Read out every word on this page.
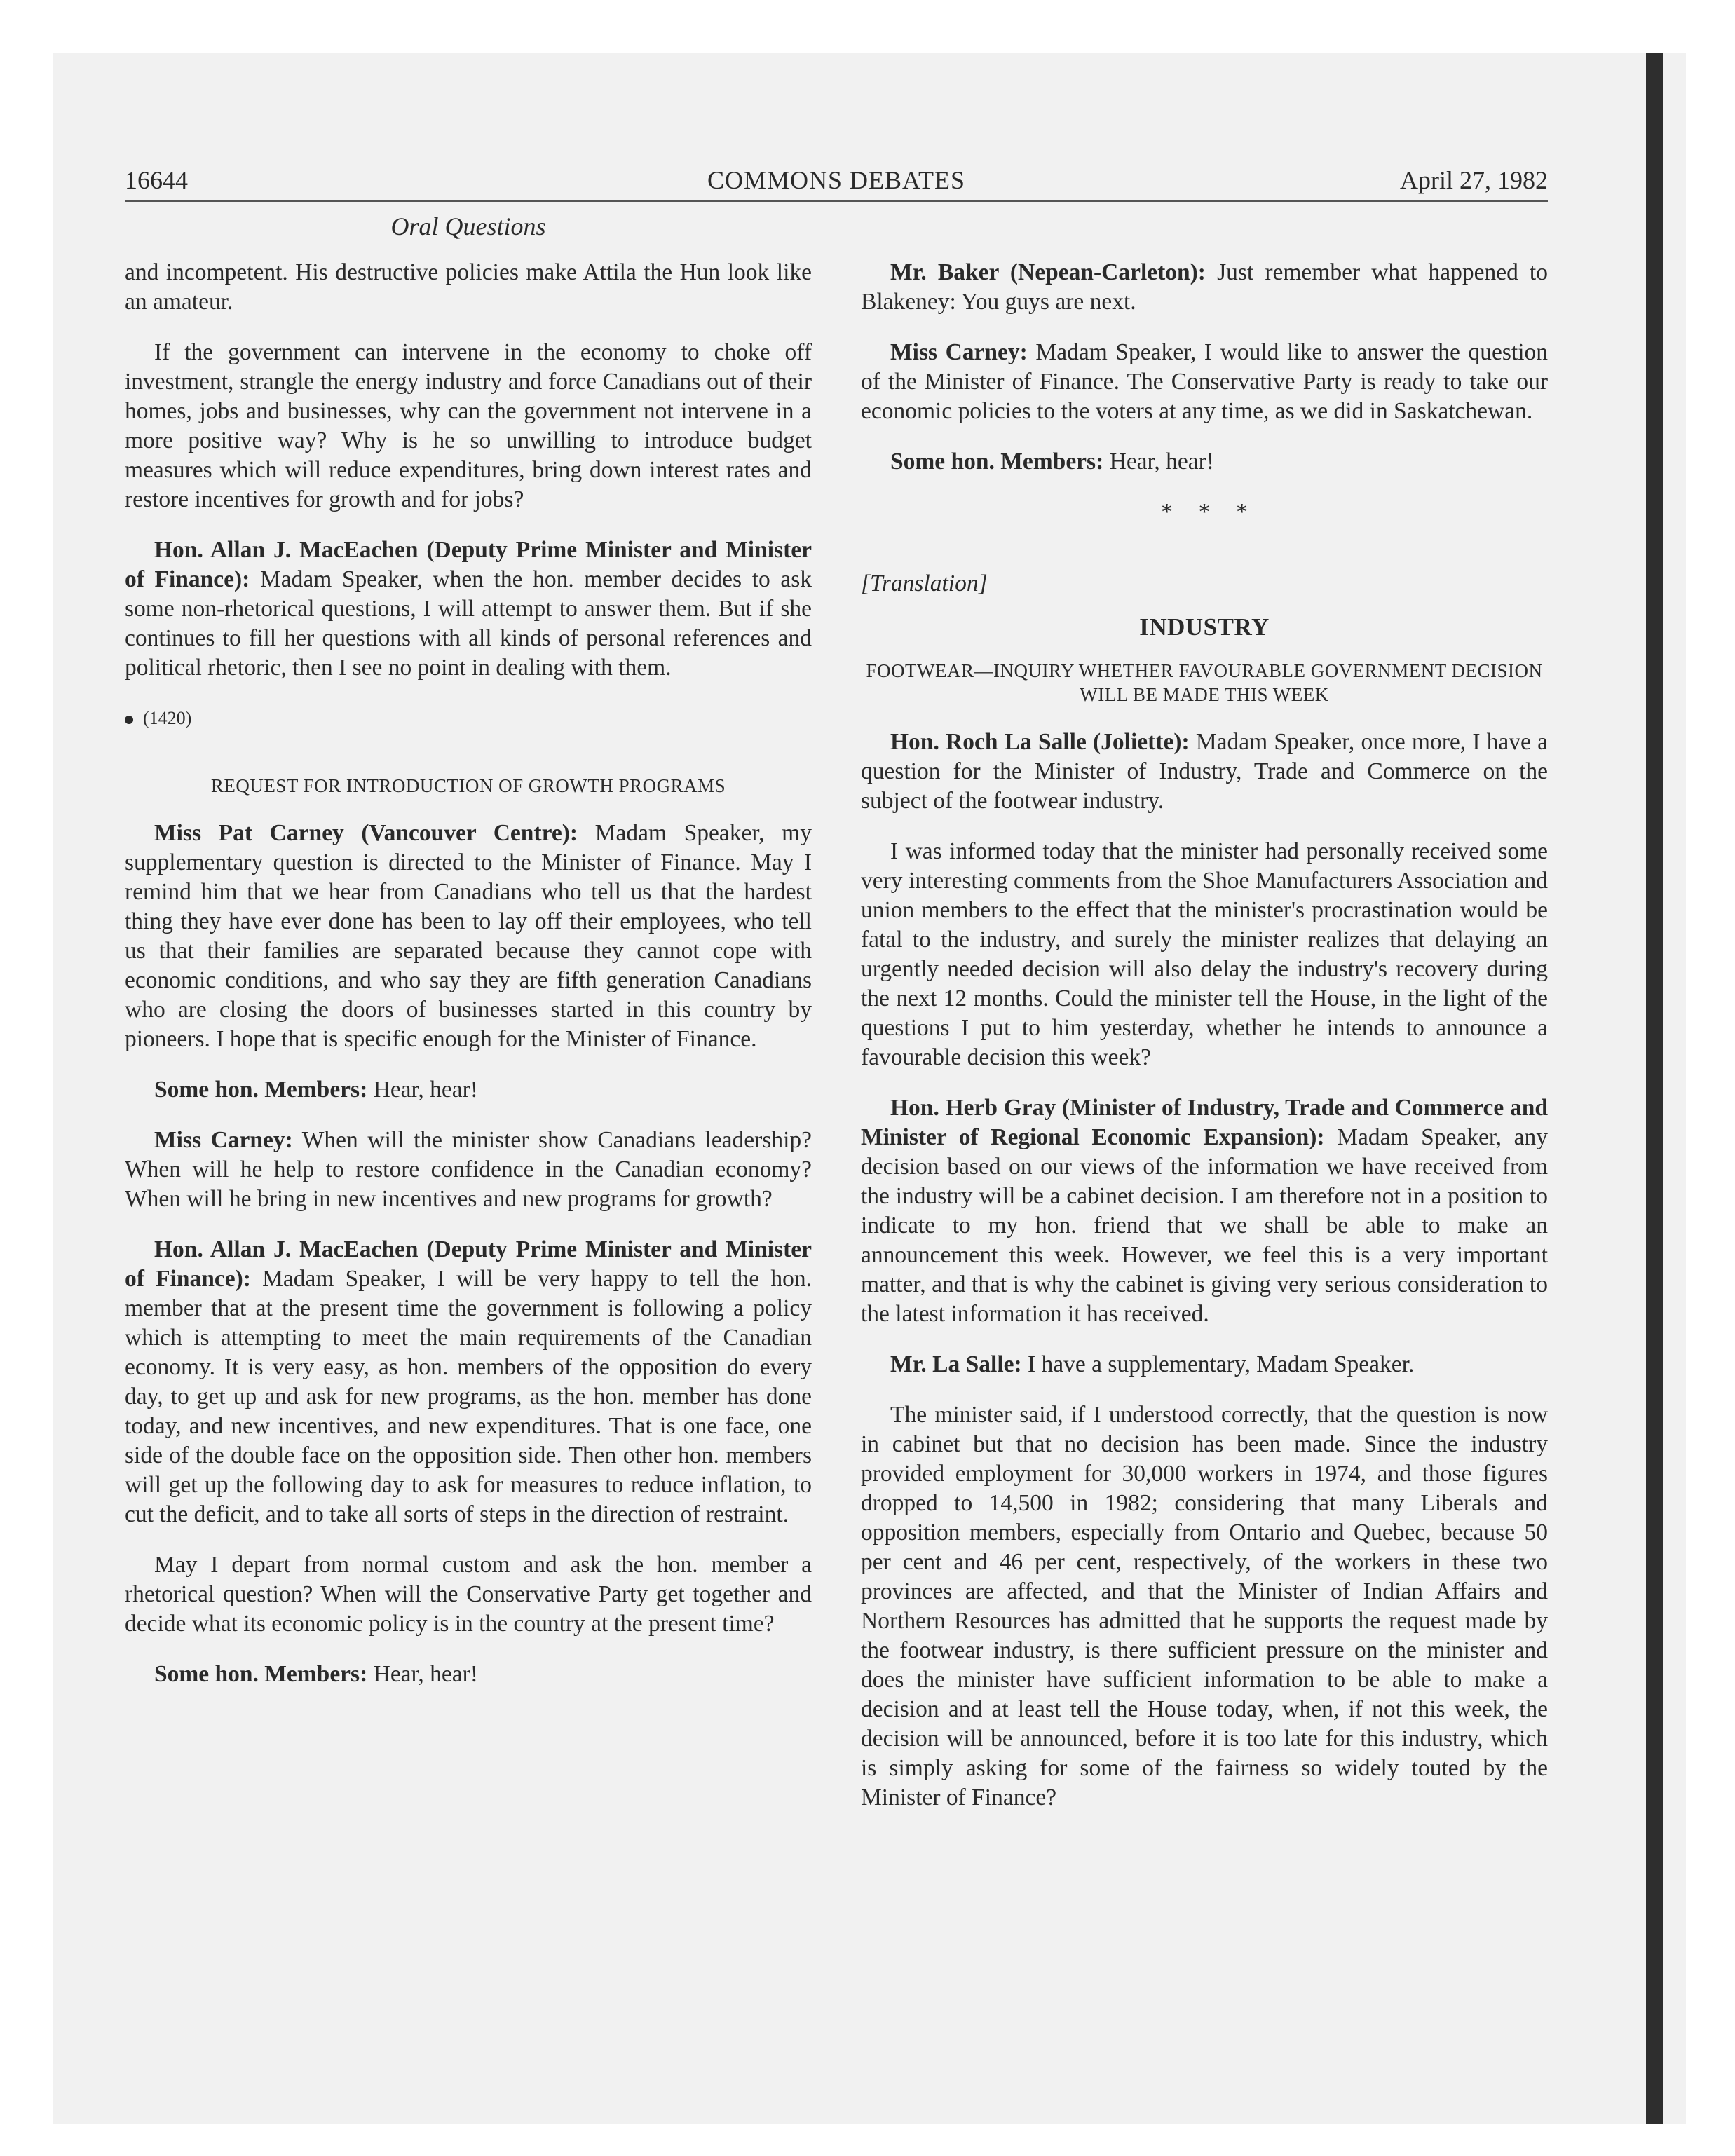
16644	COMMONS DEBATES	April 27, 1982
Oral Questions

and incompetent. His destructive policies make Attila the Hun look like an amateur.

If the government can intervene in the economy to choke off investment, strangle the energy industry and force Canadians out of their homes, jobs and businesses, why can the government not intervene in a more positive way? Why is he so unwilling to introduce budget measures which will reduce expenditures, bring down interest rates and restore incentives for growth and for jobs?

Hon. Allan J. MacEachen (Deputy Prime Minister and Minister of Finance): Madam Speaker, when the hon. member decides to ask some non-rhetorical questions, I will attempt to answer them. But if she continues to fill her questions with all kinds of personal references and political rhetoric, then I see no point in dealing with them.

(1420)
REQUEST FOR INTRODUCTION OF GROWTH PROGRAMS

Miss Pat Carney (Vancouver Centre): Madam Speaker, my supplementary question is directed to the Minister of Finance. May I remind him that we hear from Canadians who tell us that the hardest thing they have ever done has been to lay off their employees, who tell us that their families are separated because they cannot cope with economic conditions, and who say they are fifth generation Canadians who are closing the doors of businesses started in this country by pioneers. I hope that is specific enough for the Minister of Finance.

Some hon. Members: Hear, hear!

Miss Carney: When will the minister show Canadians leadership? When will he help to restore confidence in the Canadian economy? When will he bring in new incentives and new programs for growth?

Hon. Allan J. MacEachen (Deputy Prime Minister and Minister of Finance): Madam Speaker, I will be very happy to tell the hon. member that at the present time the government is following a policy which is attempting to meet the main requirements of the Canadian economy. It is very easy, as hon. members of the opposition do every day, to get up and ask for new programs, as the hon. member has done today, and new incentives, and new expenditures. That is one face, one side of the double face on the opposition side. Then other hon. members will get up the following day to ask for measures to reduce inflation, to cut the deficit, and to take all sorts of steps in the direction of restraint.

May I depart from normal custom and ask the hon. member a rhetorical question? When will the Conservative Party get together and decide what its economic policy is in the country at the present time?

Some hon. Members: Hear, hear!

Mr. Baker (Nepean-Carleton): Just remember what happened to Blakeney: You guys are next.

Miss Carney: Madam Speaker, I would like to answer the question of the Minister of Finance. The Conservative Party is ready to take our economic policies to the voters at any time, as we did in Saskatchewan.

Some hon. Members: Hear, hear!

* * *
[Translation]
INDUSTRY
FOOTWEAR—INQUIRY WHETHER FAVOURABLE GOVERNMENT DECISION WILL BE MADE THIS WEEK

Hon. Roch La Salle (Joliette): Madam Speaker, once more, I have a question for the Minister of Industry, Trade and Commerce on the subject of the footwear industry.

I was informed today that the minister had personally received some very interesting comments from the Shoe Manufacturers Association and union members to the effect that the minister's procrastination would be fatal to the industry, and surely the minister realizes that delaying an urgently needed decision will also delay the industry's recovery during the next 12 months. Could the minister tell the House, in the light of the questions I put to him yesterday, whether he intends to announce a favourable decision this week?

Hon. Herb Gray (Minister of Industry, Trade and Commerce and Minister of Regional Economic Expansion): Madam Speaker, any decision based on our views of the information we have received from the industry will be a cabinet decision. I am therefore not in a position to indicate to my hon. friend that we shall be able to make an announcement this week. However, we feel this is a very important matter, and that is why the cabinet is giving very serious consideration to the latest information it has received.

Mr. La Salle: I have a supplementary, Madam Speaker.

The minister said, if I understood correctly, that the question is now in cabinet but that no decision has been made. Since the industry provided employment for 30,000 workers in 1974, and those figures dropped to 14,500 in 1982; considering that many Liberals and opposition members, especially from Ontario and Quebec, because 50 per cent and 46 per cent, respectively, of the workers in these two provinces are affected, and that the Minister of Indian Affairs and Northern Resources has admitted that he supports the request made by the footwear industry, is there sufficient pressure on the minister and does the minister have sufficient information to be able to make a decision and at least tell the House today, when, if not this week, the decision will be announced, before it is too late for this industry, which is simply asking for some of the fairness so widely touted by the Minister of Finance?
